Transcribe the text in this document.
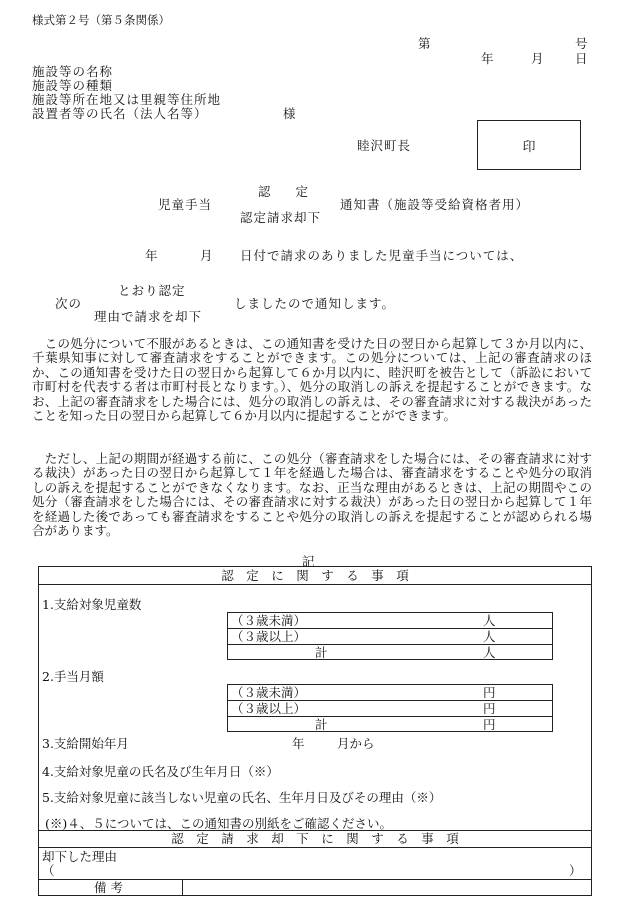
様式第２号（第５条関係）
第	号
年	月	日
施設等の名称
施設等の種類
施設等所在地又は里親等住所地
設置者等の氏名（法人名等）	様
睦沢町長	印
認　　定
児童手当	通知書（施設等受給資格者用）
認定請求却下
年	月 日付で請求のありました児童手当については、
とおり認定
次の	しましたので通知します。
理由で請求を却下
　この処分について不服があるときは、この通知書を受けた日の翌日から起算して３か月以内に、千葉県知事に対して審査請求をすることができます。この処分については、上記の審査請求のほか、この通知書を受けた日の翌日から起算して６か月以内に、睦沢町を被告として（訴訟において市町村を代表する者は市町村長となります。）、処分の取消しの訴えを提起することができます。なお、上記の審査請求をした場合には、処分の取消しの訴えは、その審査請求に対する裁決があったことを知った日の翌日から起算して６か月以内に提起することができます。
　ただし、上記の期間が経過する前に、この処分（審査請求をした場合には、その審査請求に対する裁決）があった日の翌日から起算して１年を経過した場合は、審査請求をすることや処分の取消しの訴えを提起することができなくなります。なお、正当な理由があるときは、上記の期間やこの処分（審査請求をした場合には、その審査請求に対する裁決）があった日の翌日から起算して１年を経過した後であっても審査請求をすることや処分の取消しの訴えを提起することが認められる場合があります。
記
認　定　に　関　す　る　事　項
1.支給対象児童数
（３歳未満）	人
（３歳以上）	人
計	人
2.手当月額
（３歳未満）	円
（３歳以上）	円
計	円
3.支給開始年月	年	月から
4.支給対象児童の氏名及び生年月日（※）
5.支給対象児童に該当しない児童の氏名、生年月日及びその理由（※）
(※)４、５については、この通知書の別紙をご確認ください。
認　定　請　求　却　下　に　関　す　る　事　項
却下した理由
（	）
備考
